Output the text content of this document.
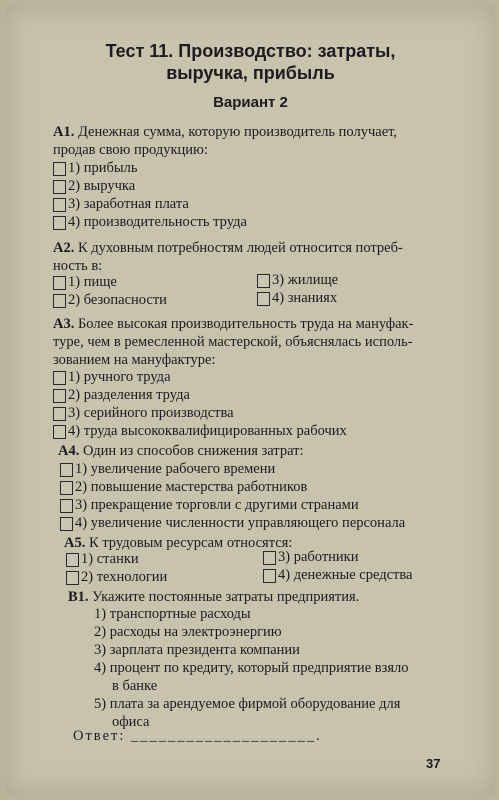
Тест 11. Производство: затраты,
выручка, прибыль
Вариант 2
А1. Денежная сумма, которую производитель получает,
продав свою продукцию:
1) прибыль
2) выручка
3) заработная плата
4) производительность труда
А2. К духовным потребностям людей относится потреб-
ность в:
1) пище
2) безопасности
3) жилище
4) знаниях
А3. Более высокая производительность труда на мануфак-
туре, чем в ремесленной мастерской, объяснялась исполь-
зованием на мануфактуре:
1) ручного труда
2) разделения труда
3) серийного производства
4) труда высококвалифицированных рабочих
А4. Один из способов снижения затрат:
1) увеличение рабочего времени
2) повышение мастерства работников
3) прекращение торговли с другими странами
4) увеличение численности управляющего персонала
А5. К трудовым ресурсам относятся:
1) станки
2) технологии
3) работники
4) денежные средства
В1. Укажите постоянные затраты предприятия.
1) транспортные расходы
2) расходы на электроэнергию
3) зарплата президента компании
4) процент по кредиту, который предприятие взяло
в банке
5) плата за арендуемое фирмой оборудование для
офиса
Ответ: ____________________.
37
